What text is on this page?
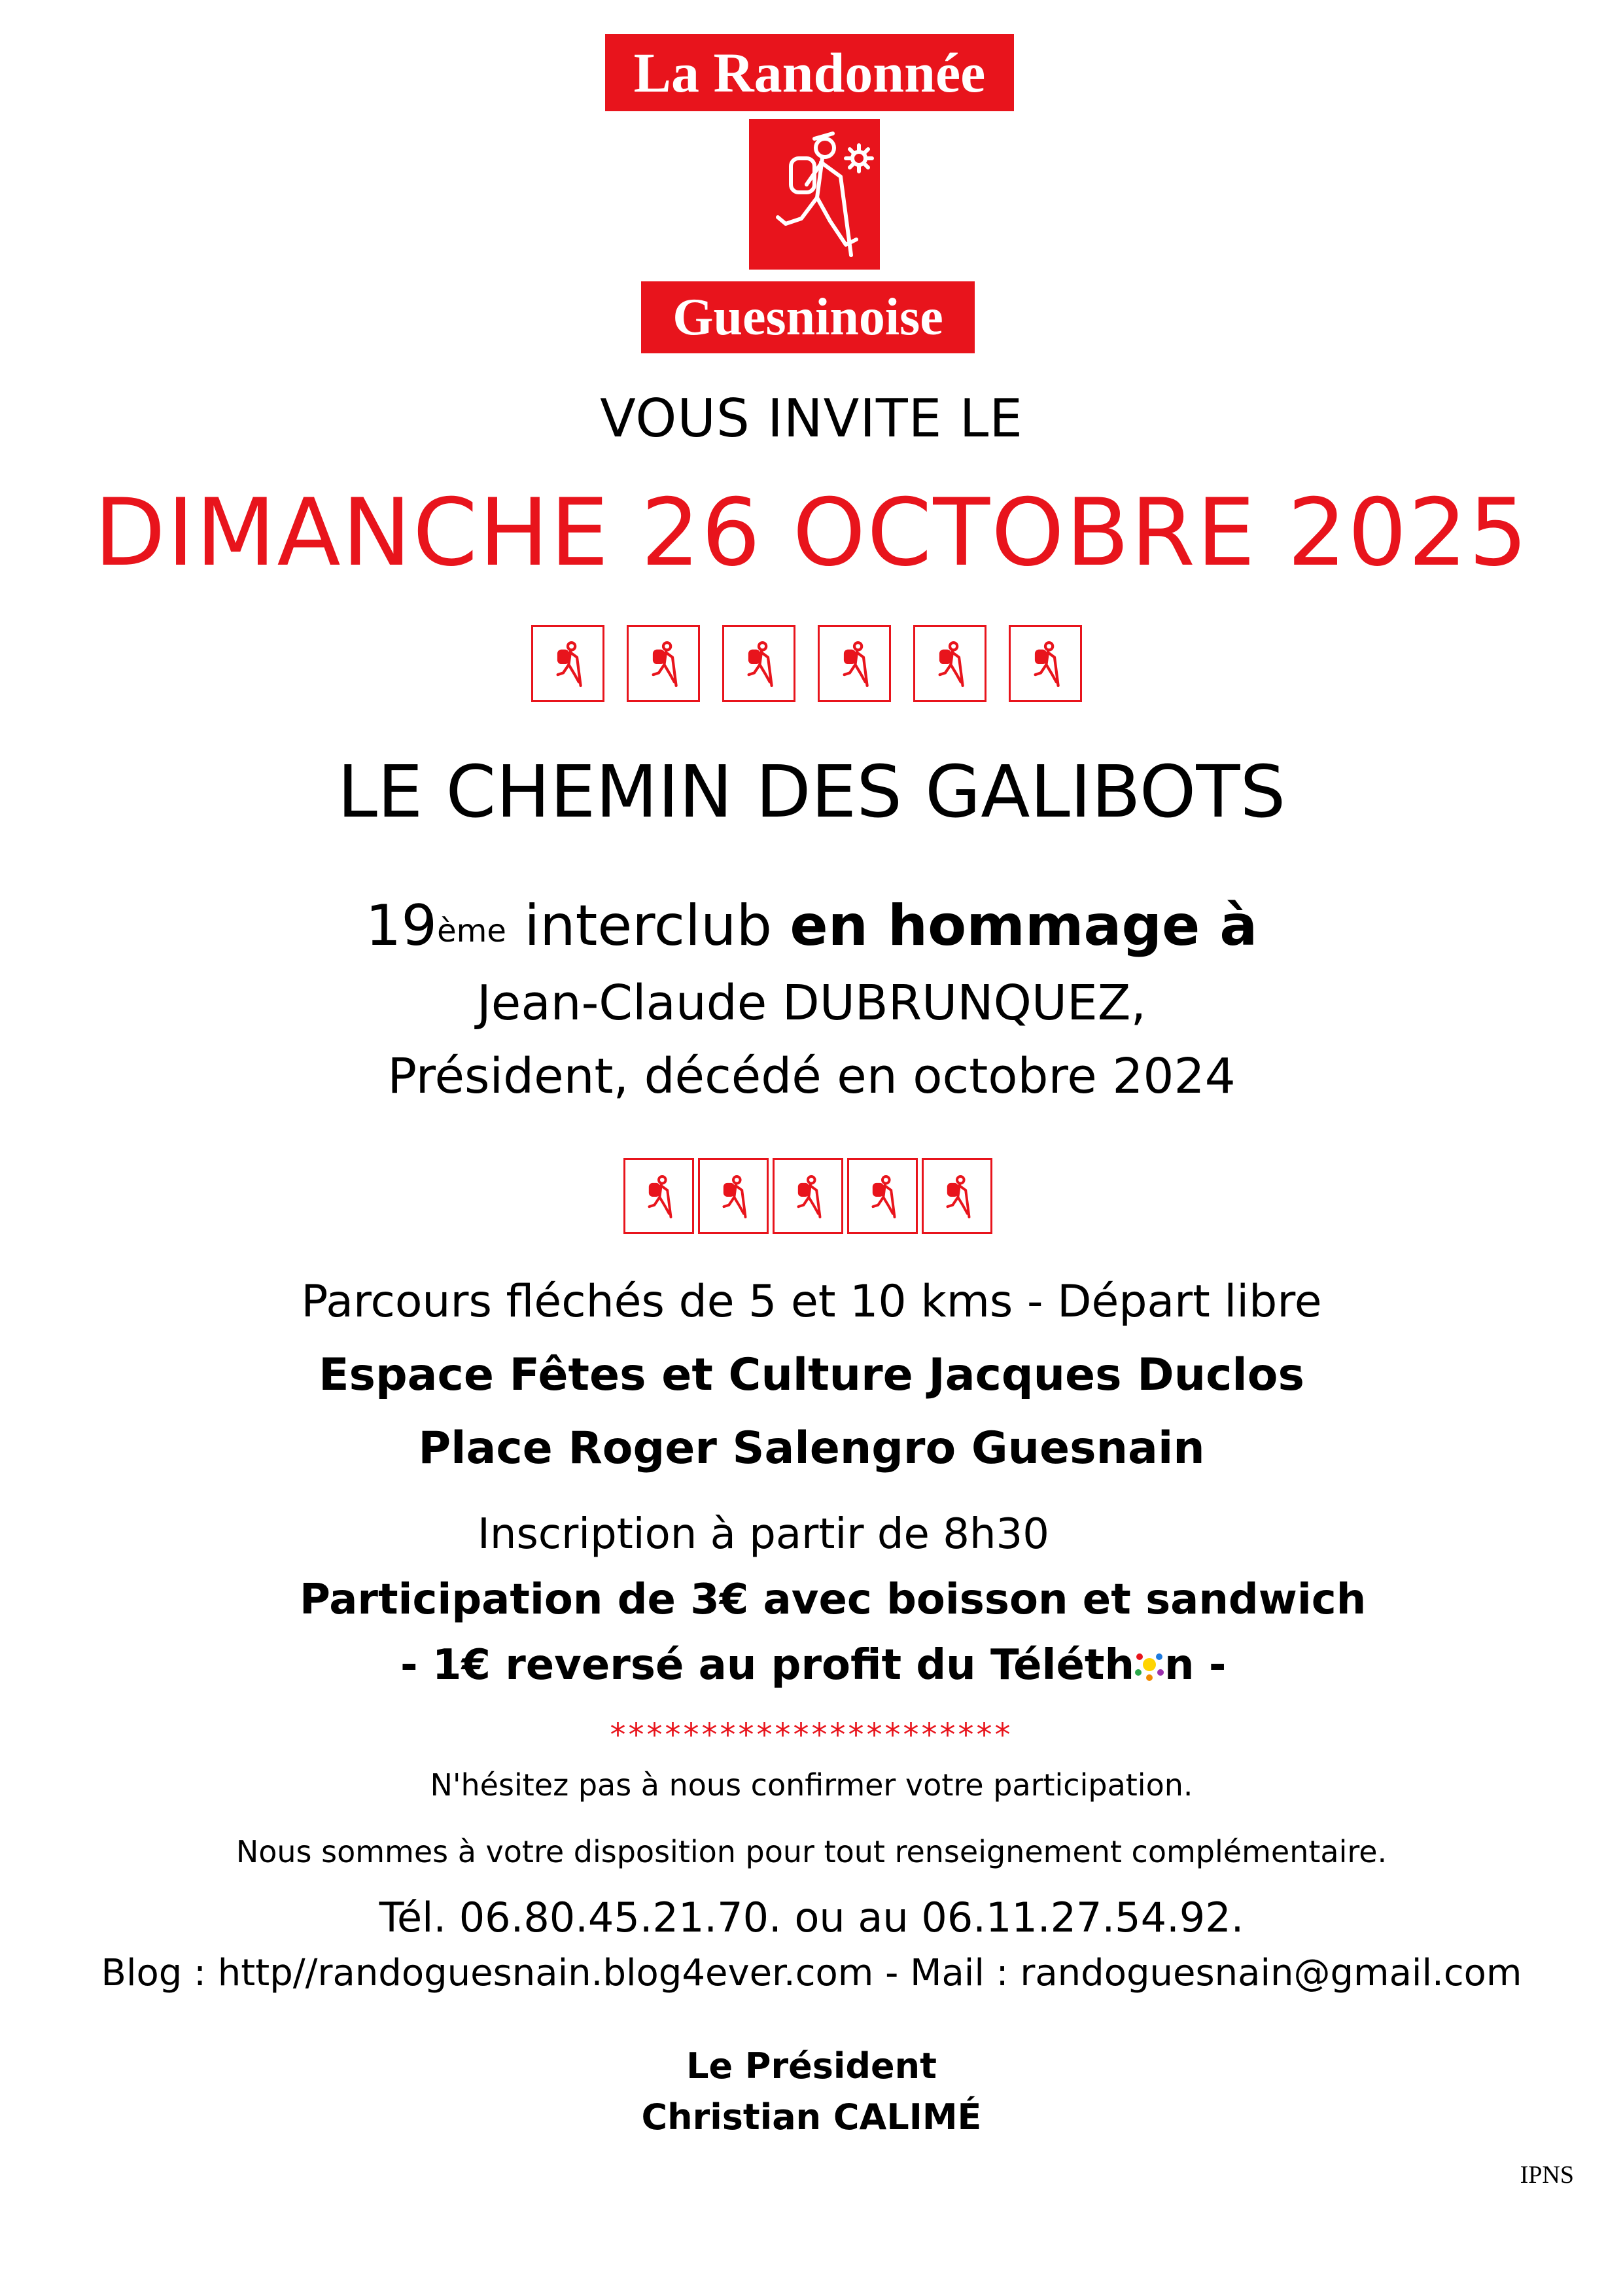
La Randonnée
Guesninoise
VOUS INVITE LE
DIMANCHE 26 OCTOBRE 2025
LE CHEMIN DES GALIBOTS
19ème interclub en hommage à
Jean-Claude DUBRUNQUEZ,
Président, décédé en octobre 2024
Parcours fléchés de 5 et 10 kms - Départ libre
Espace Fêtes et Culture Jacques Duclos
Place Roger Salengro Guesnain
Inscription à partir de 8h30
Participation de 3€ avec boisson et sandwich
- 1€ reversé au profit du Téléth n -
**********************
N'hésitez pas à nous confirmer votre participation.
Nous sommes à votre disposition pour tout renseignement complémentaire.
Tél. 06.80.45.21.70. ou au 06.11.27.54.92.
Blog : http//randoguesnain.blog4ever.com - Mail : randoguesnain@gmail.com
Le Président
Christian CALIMÉ
IPNS
